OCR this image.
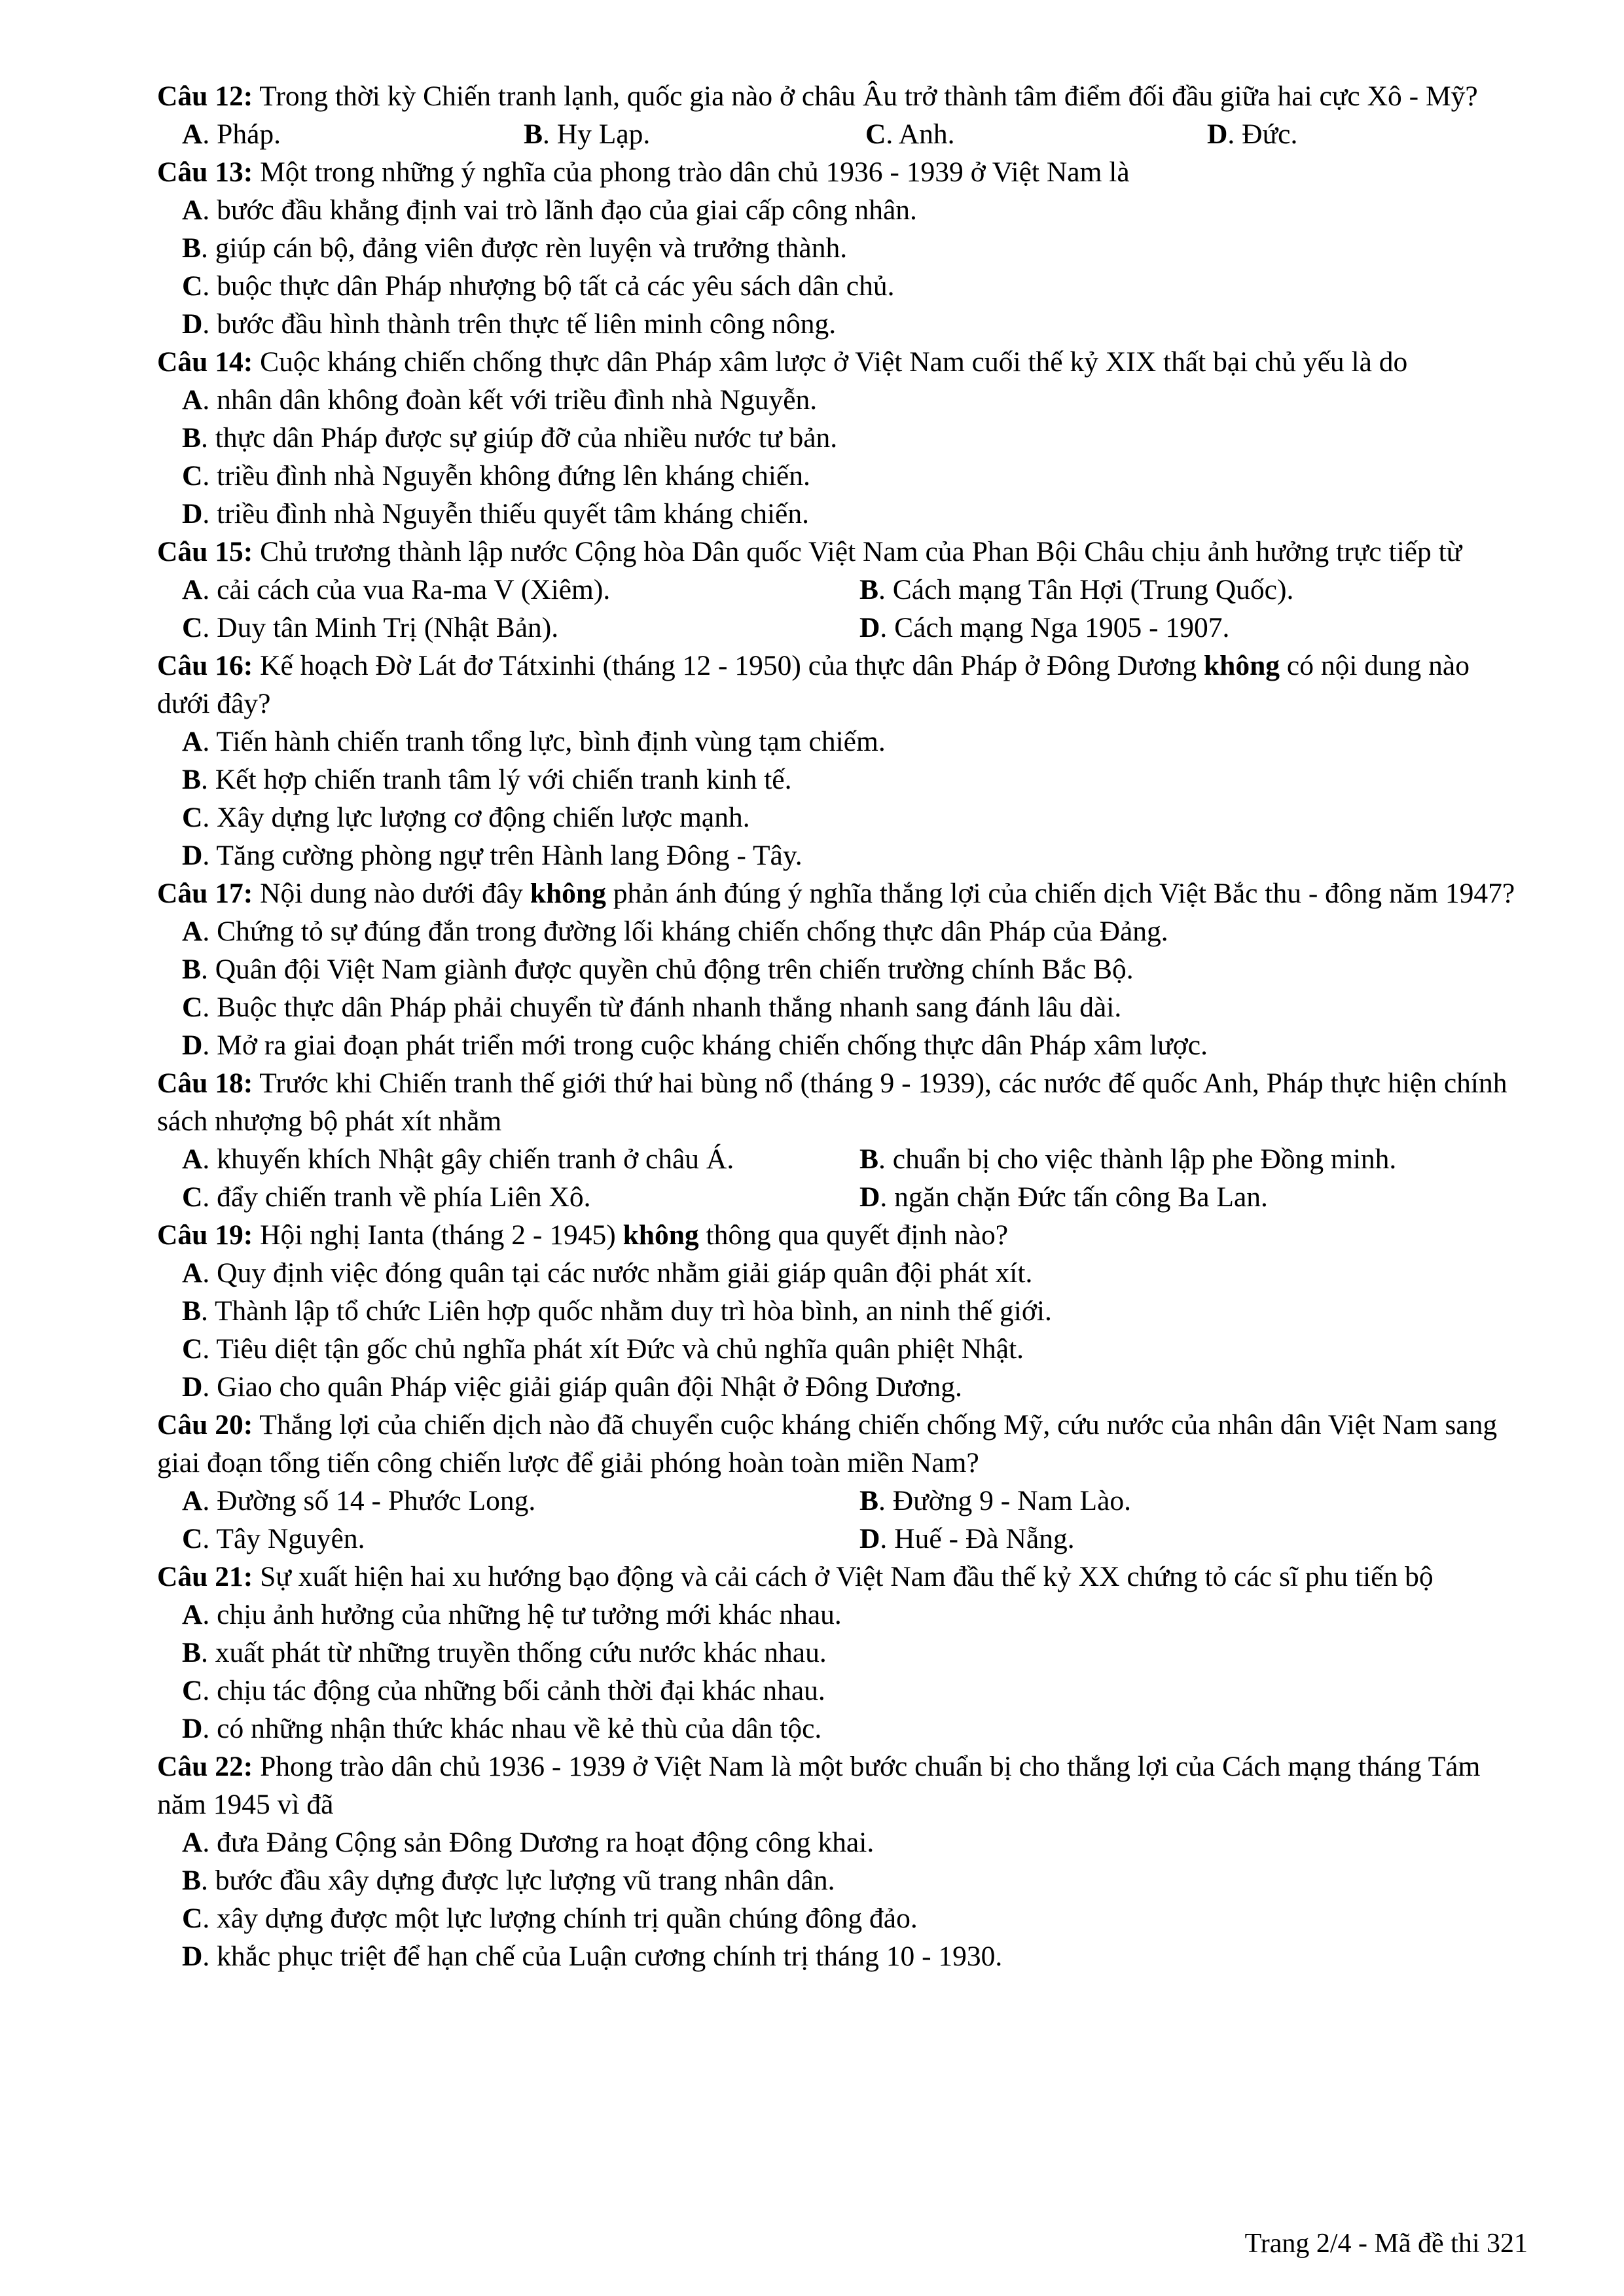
Câu 12: Trong thời kỳ Chiến tranh lạnh, quốc gia nào ở châu Âu trở thành tâm điểm đối đầu giữa hai cực Xô - Mỹ?

A. Pháp.	B. Hy Lạp.	C. Anh.	D. Đức.

Câu 13: Một trong những ý nghĩa của phong trào dân chủ 1936 - 1939 ở Việt Nam là

A. bước đầu khẳng định vai trò lãnh đạo của giai cấp công nhân.
B. giúp cán bộ, đảng viên được rèn luyện và trưởng thành.
C. buộc thực dân Pháp nhượng bộ tất cả các yêu sách dân chủ.
D. bước đầu hình thành trên thực tế liên minh công nông.

Câu 14: Cuộc kháng chiến chống thực dân Pháp xâm lược ở Việt Nam cuối thế kỷ XIX thất bại chủ yếu là do

A. nhân dân không đoàn kết với triều đình nhà Nguyễn.
B. thực dân Pháp được sự giúp đỡ của nhiều nước tư bản.
C. triều đình nhà Nguyễn không đứng lên kháng chiến.
D. triều đình nhà Nguyễn thiếu quyết tâm kháng chiến.

Câu 15: Chủ trương thành lập nước Cộng hòa Dân quốc Việt Nam của Phan Bội Châu chịu ảnh hưởng trực tiếp từ

A. cải cách của vua Ra-ma V (Xiêm).	B. Cách mạng Tân Hợi (Trung Quốc).
C. Duy tân Minh Trị (Nhật Bản).	D. Cách mạng Nga 1905 - 1907.

Câu 16: Kế hoạch Đờ Lát đơ Tátxinhi (tháng 12 - 1950) của thực dân Pháp ở Đông Dương không có nội dung nào dưới đây?

A. Tiến hành chiến tranh tổng lực, bình định vùng tạm chiếm.
B. Kết hợp chiến tranh tâm lý với chiến tranh kinh tế.
C. Xây dựng lực lượng cơ động chiến lược mạnh.
D. Tăng cường phòng ngự trên Hành lang Đông - Tây.

Câu 17: Nội dung nào dưới đây không phản ánh đúng ý nghĩa thắng lợi của chiến dịch Việt Bắc thu - đông năm 1947?

A. Chứng tỏ sự đúng đắn trong đường lối kháng chiến chống thực dân Pháp của Đảng.
B. Quân đội Việt Nam giành được quyền chủ động trên chiến trường chính Bắc Bộ.
C. Buộc thực dân Pháp phải chuyển từ đánh nhanh thắng nhanh sang đánh lâu dài.
D. Mở ra giai đoạn phát triển mới trong cuộc kháng chiến chống thực dân Pháp xâm lược.

Câu 18: Trước khi Chiến tranh thế giới thứ hai bùng nổ (tháng 9 - 1939), các nước đế quốc Anh, Pháp thực hiện chính sách nhượng bộ phát xít nhằm

A. khuyến khích Nhật gây chiến tranh ở châu Á.	B. chuẩn bị cho việc thành lập phe Đồng minh.
C. đẩy chiến tranh về phía Liên Xô.	D. ngăn chặn Đức tấn công Ba Lan.

Câu 19: Hội nghị Ianta (tháng 2 - 1945) không thông qua quyết định nào?

A. Quy định việc đóng quân tại các nước nhằm giải giáp quân đội phát xít.
B. Thành lập tổ chức Liên hợp quốc nhằm duy trì hòa bình, an ninh thế giới.
C. Tiêu diệt tận gốc chủ nghĩa phát xít Đức và chủ nghĩa quân phiệt Nhật.
D. Giao cho quân Pháp việc giải giáp quân đội Nhật ở Đông Dương.

Câu 20: Thắng lợi của chiến dịch nào đã chuyển cuộc kháng chiến chống Mỹ, cứu nước của nhân dân Việt Nam sang giai đoạn tổng tiến công chiến lược để giải phóng hoàn toàn miền Nam?

A. Đường số 14 - Phước Long.	B. Đường 9 - Nam Lào.
C. Tây Nguyên.	D. Huế - Đà Nẵng.

Câu 21: Sự xuất hiện hai xu hướng bạo động và cải cách ở Việt Nam đầu thế kỷ XX chứng tỏ các sĩ phu tiến bộ

A. chịu ảnh hưởng của những hệ tư tưởng mới khác nhau.
B. xuất phát từ những truyền thống cứu nước khác nhau.
C. chịu tác động của những bối cảnh thời đại khác nhau.
D. có những nhận thức khác nhau về kẻ thù của dân tộc.

Câu 22: Phong trào dân chủ 1936 - 1939 ở Việt Nam là một bước chuẩn bị cho thắng lợi của Cách mạng tháng Tám năm 1945 vì đã

A. đưa Đảng Cộng sản Đông Dương ra hoạt động công khai.
B. bước đầu xây dựng được lực lượng vũ trang nhân dân.
C. xây dựng được một lực lượng chính trị quần chúng đông đảo.
D. khắc phục triệt để hạn chế của Luận cương chính trị tháng 10 - 1930.
Trang 2/4 - Mã đề thi 321
